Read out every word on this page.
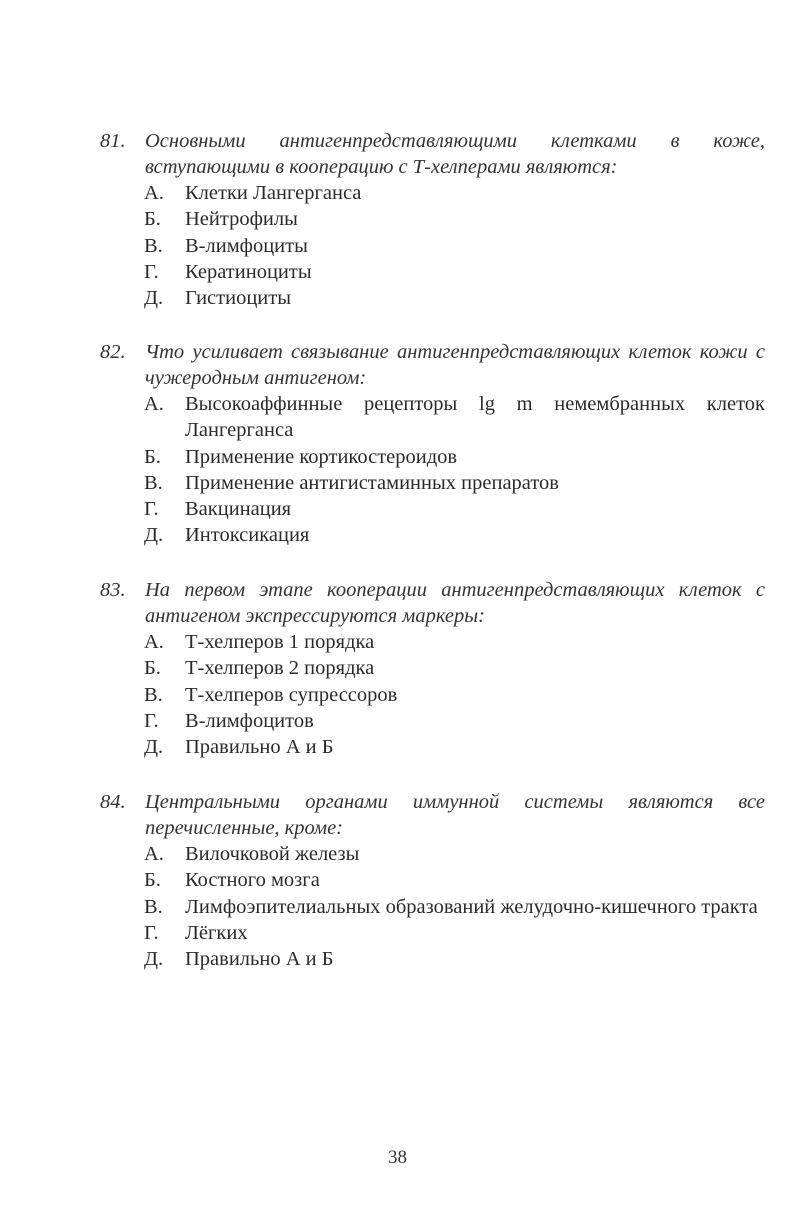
81. Основными антигенпредставляющими клетками в коже, вступающими в кооперацию с Т-хелперами являются:
А. Клетки Лангерганса
Б. Нейтрофилы
В. В-лимфоциты
Г. Кератиноциты
Д. Гистиоциты
82. Что усиливает связывание антигенпредставляющих клеток кожи с чужеродным антигеном:
А. Высокоаффинные рецепторы lg m немембранных клеток Лангерганса
Б. Применение кортикостероидов
В. Применение антигистаминных препаратов
Г. Вакцинация
Д. Интоксикация
83. На первом этапе кооперации антигенпредставляющих клеток с антигеном экспрессируются маркеры:
А. Т-хелперов 1 порядка
Б. Т-хелперов 2 порядка
В. Т-хелперов супрессоров
Г. В-лимфоцитов
Д. Правильно А и Б
84. Центральными органами иммунной системы являются все перечисленные, кроме:
А. Вилочковой железы
Б. Костного мозга
В. Лимфоэпителиальных образований желудочно-кишечного тракта
Г. Лёгких
Д. Правильно А и Б
38
